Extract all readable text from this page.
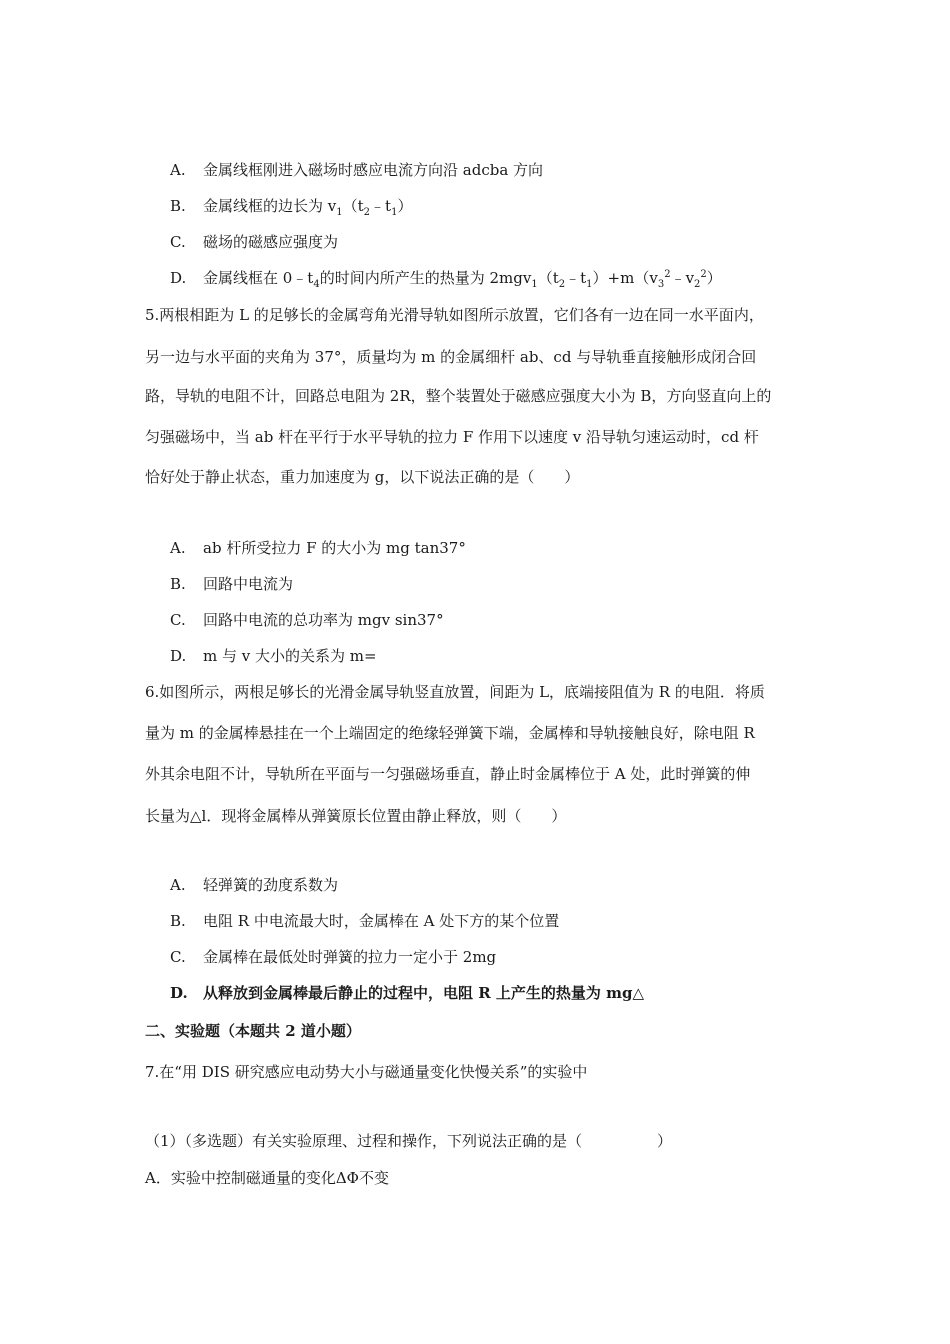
A. 金属线框刚进入磁场时感应电流方向沿 adcba 方向
B. 金属线框的边长为 $v_1(t_2﹣t_1)$
C. 磁场的磁感应强度为
D. 金属线框在 $0﹣t_4$的时间内所产生的热量为 $2mgv_1(t_2﹣t_1)+m(v_3^2﹣v_2^2)$
5.两根相距为 L 的足够长的金属弯角光滑导轨如图所示放置，它们各有一边在同一水平面内，
另一边与水平面的夹角为 37°，质量均为 m 的金属细杆 ab、cd 与导轨垂直接触形成闭合回
路，导轨的电阻不计，回路总电阻为 2R，整个装置处于磁感应强度大小为 B，方向竖直向上的
匀强磁场中，当 ab 杆在平行于水平导轨的拉力 F 作用下以速度 v 沿导轨匀速运动时，cd 杆
恰好处于静止状态，重力加速度为 g，以下说法正确的是（　　）
A. ab 杆所受拉力 F 的大小为 mg tan37°
B. 回路中电流为
C. 回路中电流的总功率为 mgv sin37°
D. m 与 v 大小的关系为 m=
6.如图所示，两根足够长的光滑金属导轨竖直放置，间距为 L，底端接阻值为 R 的电阻．将质
量为 m 的金属棒悬挂在一个上端固定的绝缘轻弹簧下端，金属棒和导轨接触良好，除电阻 R
外其余电阻不计，导轨所在平面与一匀强磁场垂直，静止时金属棒位于 A 处，此时弹簧的伸
长量为△l．现将金属棒从弹簧原长位置由静止释放，则（　　）
A. 轻弹簧的劲度系数为
B. 电阻 R 中电流最大时，金属棒在 A 处下方的某个位置
C. 金属棒在最低处时弹簧的拉力一定小于 2mg
D. 从释放到金属棒最后静止的过程中，电阻 R 上产生的热量为 mg△
二、实验题（本题共 2 道小题）
7.在“用 DIS 研究感应电动势大小与磁通量变化快慢关系”的实验中
（1）（多选题）有关实验原理、过程和操作，下列说法正确的是（　　　　　）
A．实验中控制磁通量的变化ΔΦ不变
